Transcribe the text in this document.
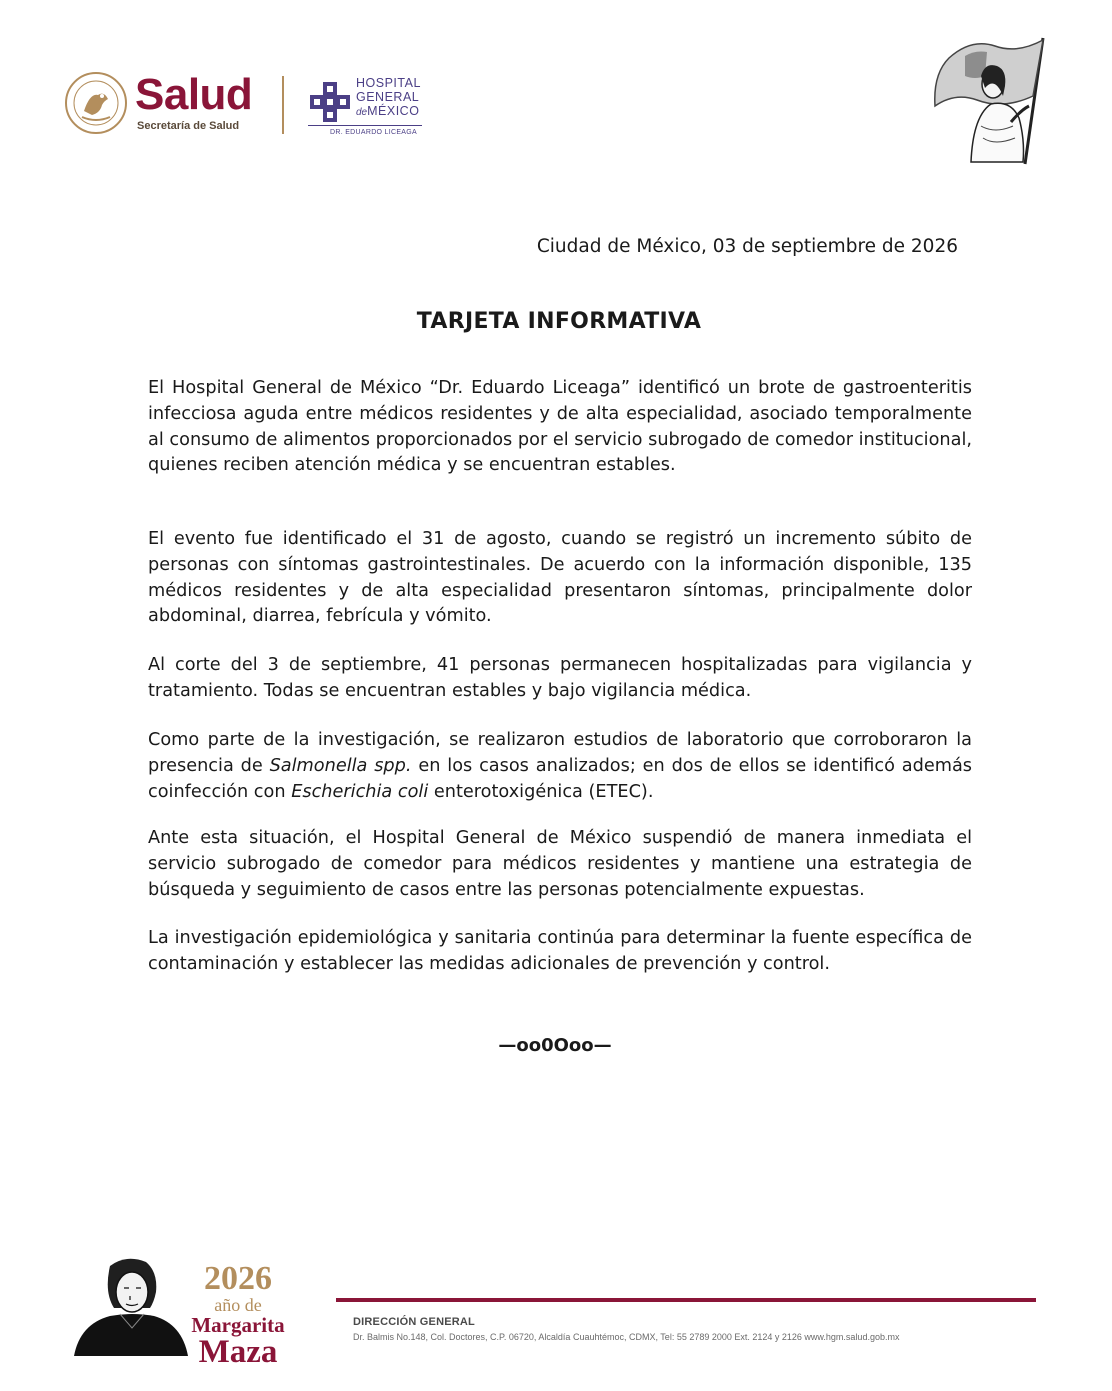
Salud
Secretaría de Salud
HOSPITAL
GENERAL
deMÉXICO
DR. EDUARDO LICEAGA
Ciudad de México, 03 de septiembre de 2026
TARJETA INFORMATIVA
El Hospital General de México “Dr. Eduardo Liceaga” identificó un brote de gastroenteritis infecciosa aguda entre médicos residentes y de alta especialidad, asociado temporalmente al consumo de alimentos proporcionados por el servicio subrogado de comedor institucional, quienes reciben atención médica y se encuentran estables.
El evento fue identificado el 31 de agosto, cuando se registró un incremento súbito de personas con síntomas gastrointestinales. De acuerdo con la información disponible, 135 médicos residentes y de alta especialidad presentaron síntomas, principalmente dolor abdominal, diarrea, febrícula y vómito.
Al corte del 3 de septiembre, 41 personas permanecen hospitalizadas para vigilancia y tratamiento. Todas se encuentran estables y bajo vigilancia médica.
Como parte de la investigación, se realizaron estudios de laboratorio que corroboraron la presencia de Salmonella spp. en los casos analizados; en dos de ellos se identificó además coinfección con Escherichia coli enterotoxigénica (ETEC).
Ante esta situación, el Hospital General de México suspendió de manera inmediata el servicio subrogado de comedor para médicos residentes y mantiene una estrategia de búsqueda y seguimiento de casos entre las personas potencialmente expuestas.
La investigación epidemiológica y sanitaria continúa para determinar la fuente específica de contaminación y establecer las medidas adicionales de prevención y control.
—oo0Ooo—
2026
año de
Margarita
Maza
DIRECCIÓN GENERAL
Dr. Balmis No.148, Col. Doctores, C.P. 06720, Alcaldía Cuauhtémoc, CDMX, Tel: 55 2789 2000 Ext. 2124 y 2126 www.hgm.salud.gob.mx
